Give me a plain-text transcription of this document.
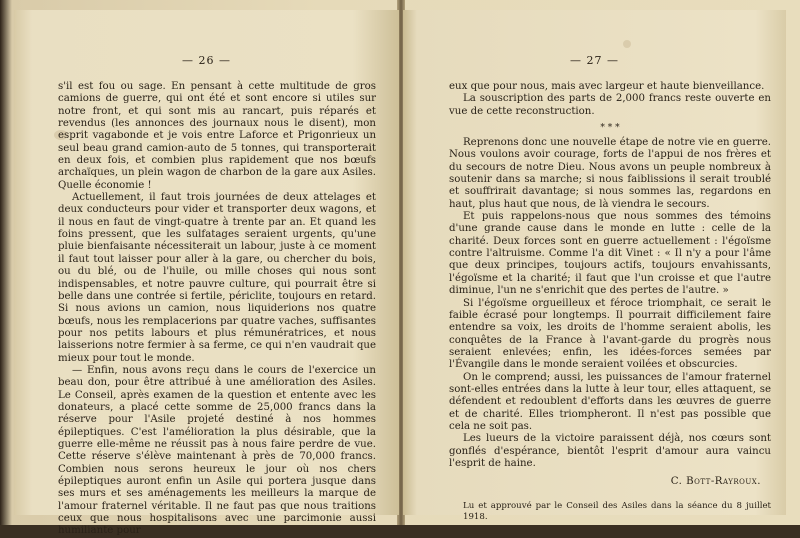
— 26 —

s'il est fou ou sage. En pensant à cette multitude de gros camions de guerre, qui ont été et sont encore si utiles sur notre front, et qui sont mis au rancart, puis réparés et revendus (les annonces des journaux nous le disent), mon esprit vagabonde et je vois entre Laforce et Prigonrieux un seul beau grand camion-auto de 5 tonnes, qui transporterait en deux fois, et combien plus rapidement que nos bœufs archaïques, un plein wagon de charbon de la gare aux Asiles. Quelle économie !

Actuellement, il faut trois journées de deux attelages et deux conducteurs pour vider et transporter deux wagons, et il nous en faut de vingt-quatre à trente par an. Et quand les foins pressent, que les sulfatages seraient urgents, qu'une pluie bienfaisante nécessiterait un labour, juste à ce moment il faut tout laisser pour aller à la gare, ou chercher du bois, ou du blé, ou de l'huile, ou mille choses qui nous sont indispensables, et notre pauvre culture, qui pourrait être si belle dans une contrée si fertile, périclite, toujours en retard. Si nous avions un camion, nous liquiderions nos quatre bœufs, nous les remplacerions par quatre vaches, suffisantes pour nos petits labours et plus rémunératrices, et nous laisserions notre fermier à sa ferme, ce qui n'en vaudrait que mieux pour tout le monde.

— Enfin, nous avons reçu dans le cours de l'exercice un beau don, pour être attribué à une amélioration des Asiles. Le Conseil, après examen de la question et entente avec les donateurs, a placé cette somme de 25,000 francs dans la réserve pour l'Asile projeté destiné à nos hommes épileptiques. C'est l'amélioration la plus désirable, que la guerre elle-même ne réussit pas à nous faire perdre de vue. Cette réserve s'élève maintenant à près de 70,000 francs. Combien nous serons heureux le jour où nos chers épileptiques auront enfin un Asile qui portera jusque dans ses murs et ses aménagements les meilleurs la marque de l'amour fraternel véritable. Il ne faut pas que nous traitions ceux que nous hospitalisons avec une parcimonie aussi humiliante pour

— 27 —

eux que pour nous, mais avec largeur et haute bienveillance.

La souscription des parts de 2,000 francs reste ouverte en vue de cette reconstruction.

* * *

Reprenons donc une nouvelle étape de notre vie en guerre. Nous voulons avoir courage, forts de l'appui de nos frères et du secours de notre Dieu. Nous avons un peuple nombreux à soutenir dans sa marche; si nous faiblissions il serait troublé et souffrirait davantage; si nous sommes las, regardons en haut, plus haut que nous, de là viendra le secours.

Et puis rappelons-nous que nous sommes des témoins d'une grande cause dans le monde en lutte : celle de la charité. Deux forces sont en guerre actuellement : l'égoïsme contre l'altruisme. Comme l'a dit Vinet : « Il n'y a pour l'âme que deux principes, toujours actifs, toujours envahissants, l'égoïsme et la charité; il faut que l'un croisse et que l'autre diminue, l'un ne s'enrichit que des pertes de l'autre. »

Si l'égoïsme orgueilleux et féroce triomphait, ce serait le faible écrasé pour longtemps. Il pourrait difficilement faire entendre sa voix, les droits de l'homme seraient abolis, les conquêtes de la France à l'avant-garde du progrès nous seraient enlevées; enfin, les idées-forces semées par l'Évangile dans le monde seraient voilées et obscurcies.

On le comprend; aussi, les puissances de l'amour fraternel sont-elles entrées dans la lutte à leur tour, elles attaquent, se défendent et redoublent d'efforts dans les œuvres de guerre et de charité. Elles triompheront. Il n'est pas possible que cela ne soit pas.

Les lueurs de la victoire paraissent déjà, nos cœurs sont gonflés d'espérance, bientôt l'esprit d'amour aura vaincu l'esprit de haine.

C. Bott-Rayroux.
Lu et approuvé par le Conseil des Asiles dans la séance du 8 juillet 1918.
